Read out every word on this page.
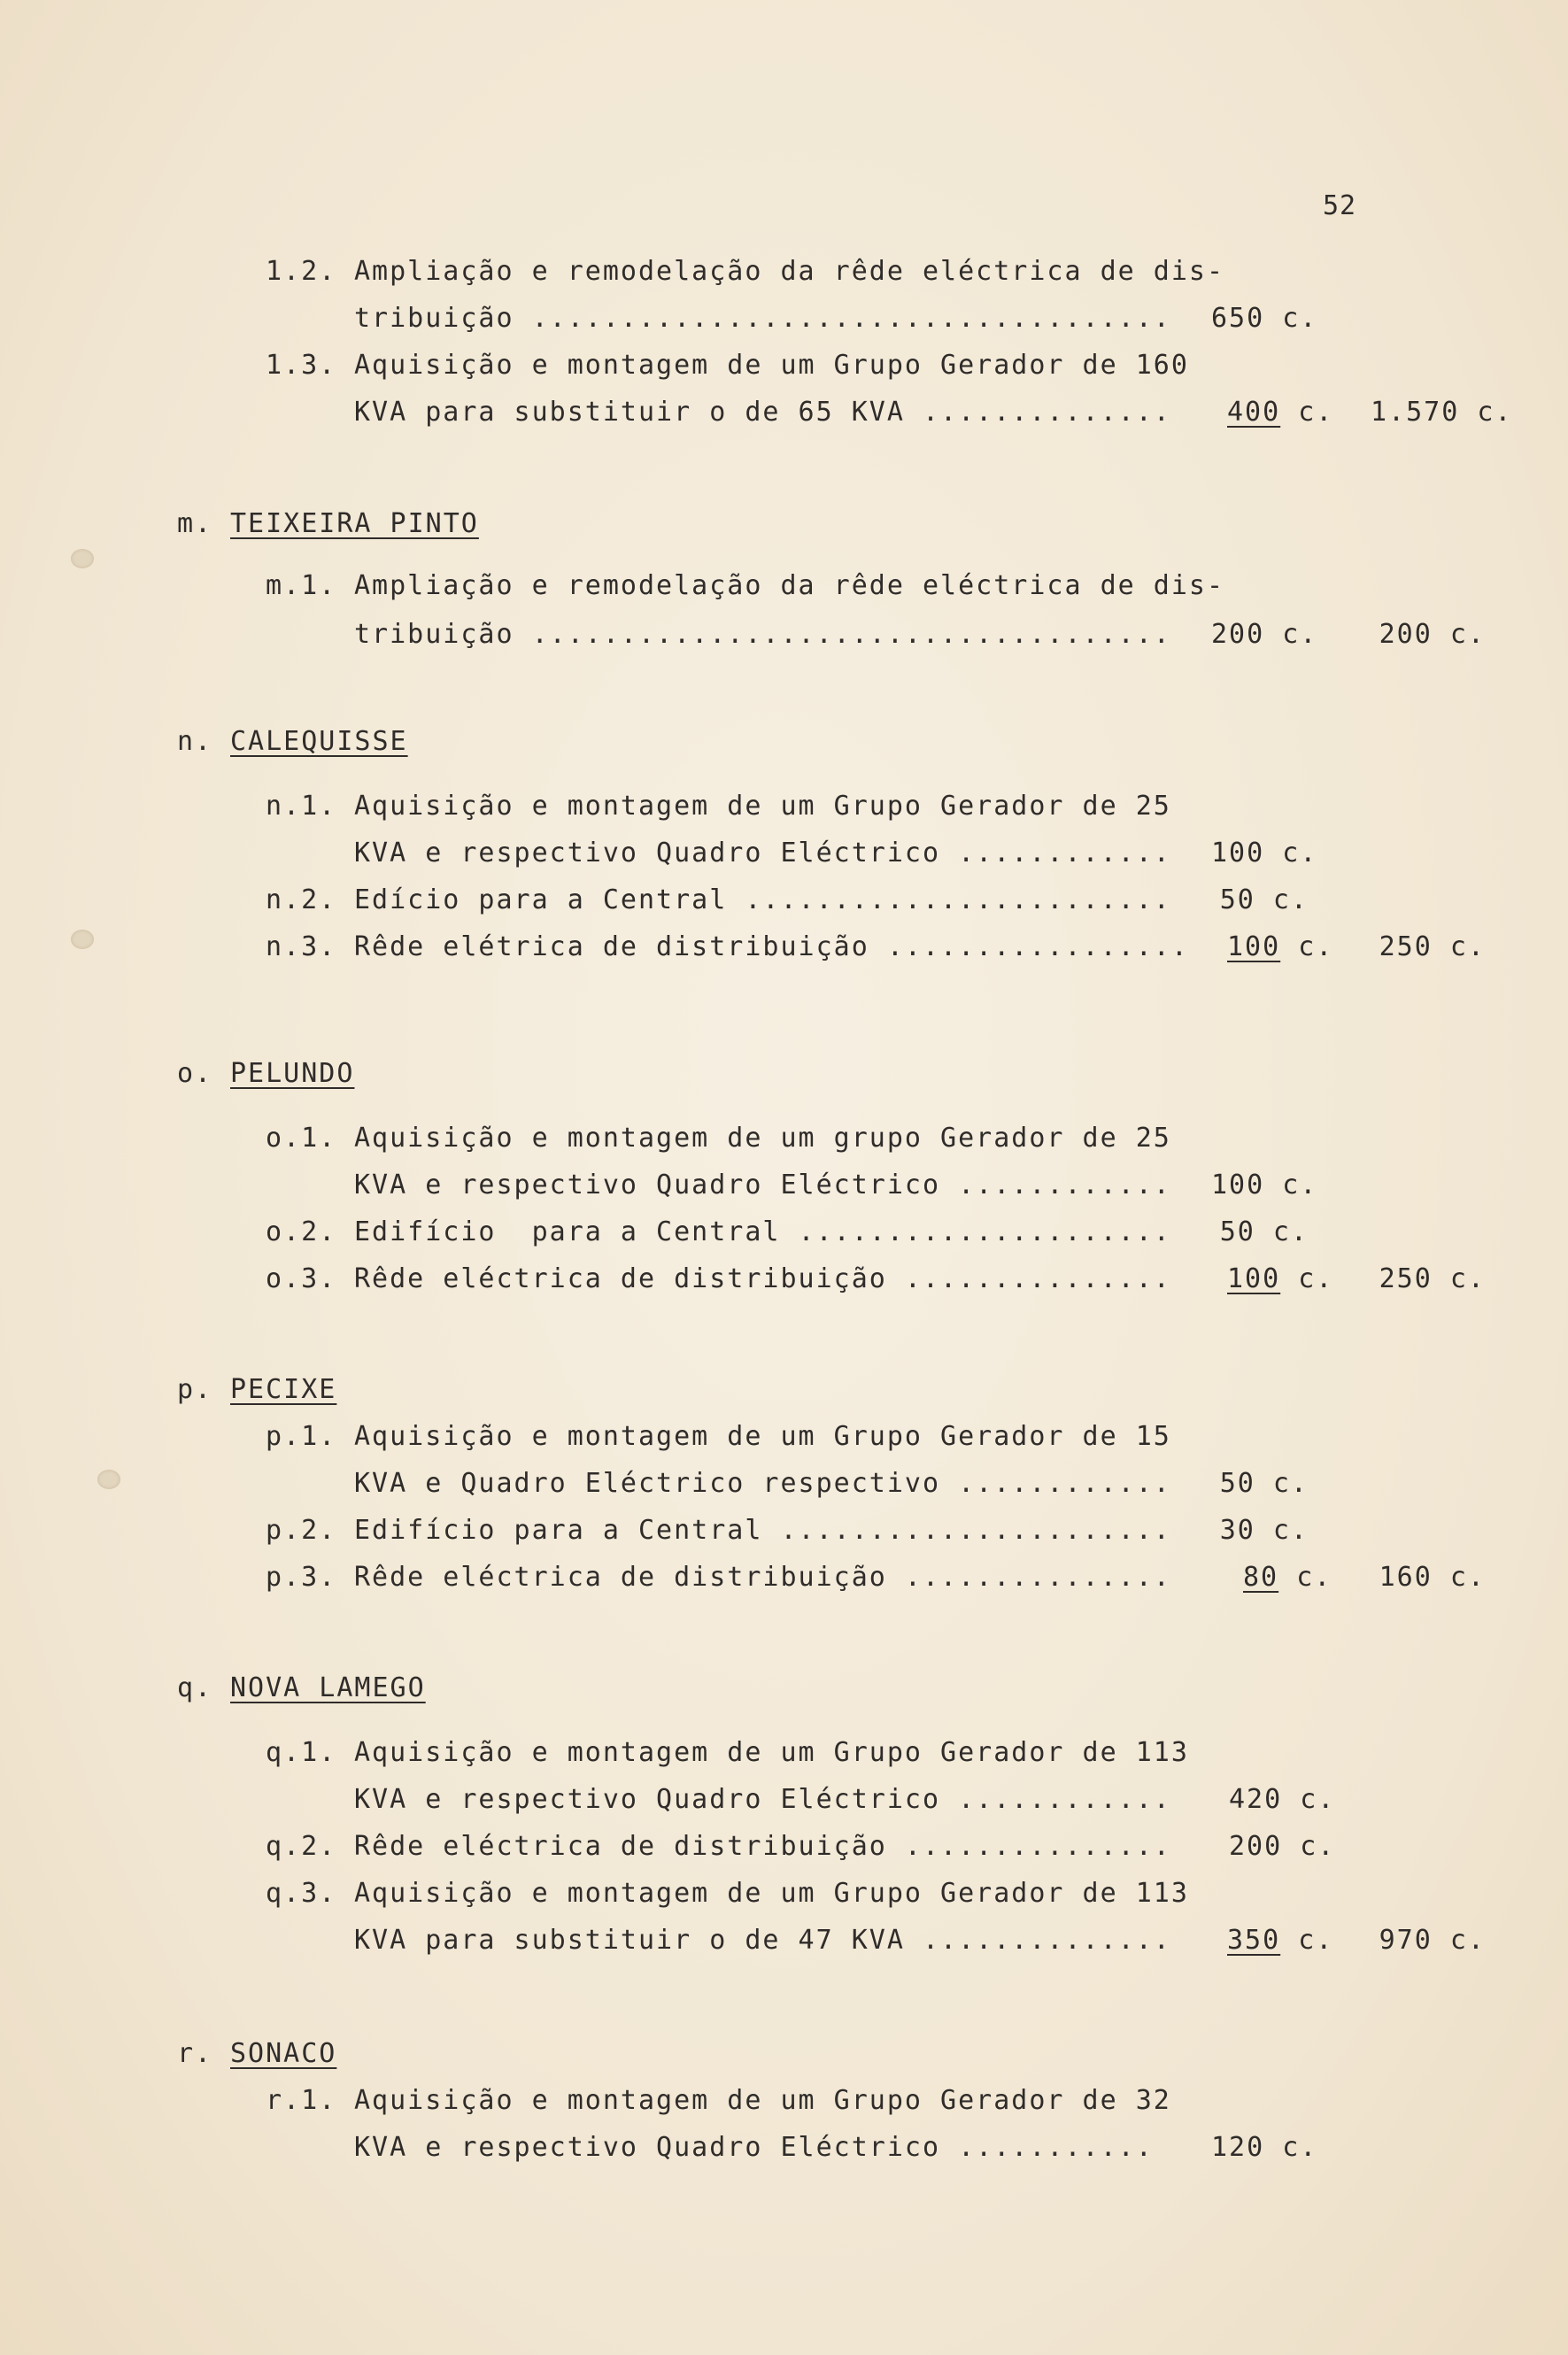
52
1.2. Ampliação e remodelação da rêde eléctrica de dis-
tribuição .................................... 650 c.
1.3. Aquisição e montagem de um Grupo Gerador de 160
KVA para substituir o de 65 KVA .............. 400 c. 1.570 c.
m. TEIXEIRA PINTO
m.1. Ampliação e remodelação da rêde eléctrica de dis-
tribuição .................................... 200 c.	200 c.
n. CALEQUISSE
n.1. Aquisição e montagem de um Grupo Gerador de 25
KVA e respectivo Quadro Eléctrico ............ 100 c.
n.2. Edício para a Central ........................	50 c.
n.3. Rêde elétrica de distribuição ................. 100 c.	250 c.
o. PELUNDO
o.1. Aquisição e montagem de um grupo Gerador de 25
KVA e respectivo Quadro Eléctrico ............ 100 c.
o.2. Edifício  para a Central .....................	50 c.
o.3. Rêde eléctrica de distribuição ............... 100 c.	250 c.
p. PECIXE
p.1. Aquisição e montagem de um Grupo Gerador de 15
KVA e Quadro Eléctrico respectivo ............	50 c.
p.2. Edifício para a Central ......................	30 c.
p.3. Rêde eléctrica de distribuição ...............	80 c.	160 c.
q. NOVA LAMEGO
q.1. Aquisição e montagem de um Grupo Gerador de 113
KVA e respectivo Quadro Eléctrico ............ 420 c.
q.2. Rêde eléctrica de distribuição ............... 200 c.
q.3. Aquisição e montagem de um Grupo Gerador de 113
KVA para substituir o de 47 KVA .............. 350 c.	970 c.
r. SONACO
r.1. Aquisição e montagem de um Grupo Gerador de 32
KVA e respectivo Quadro Eléctrico ........... 120 c.
